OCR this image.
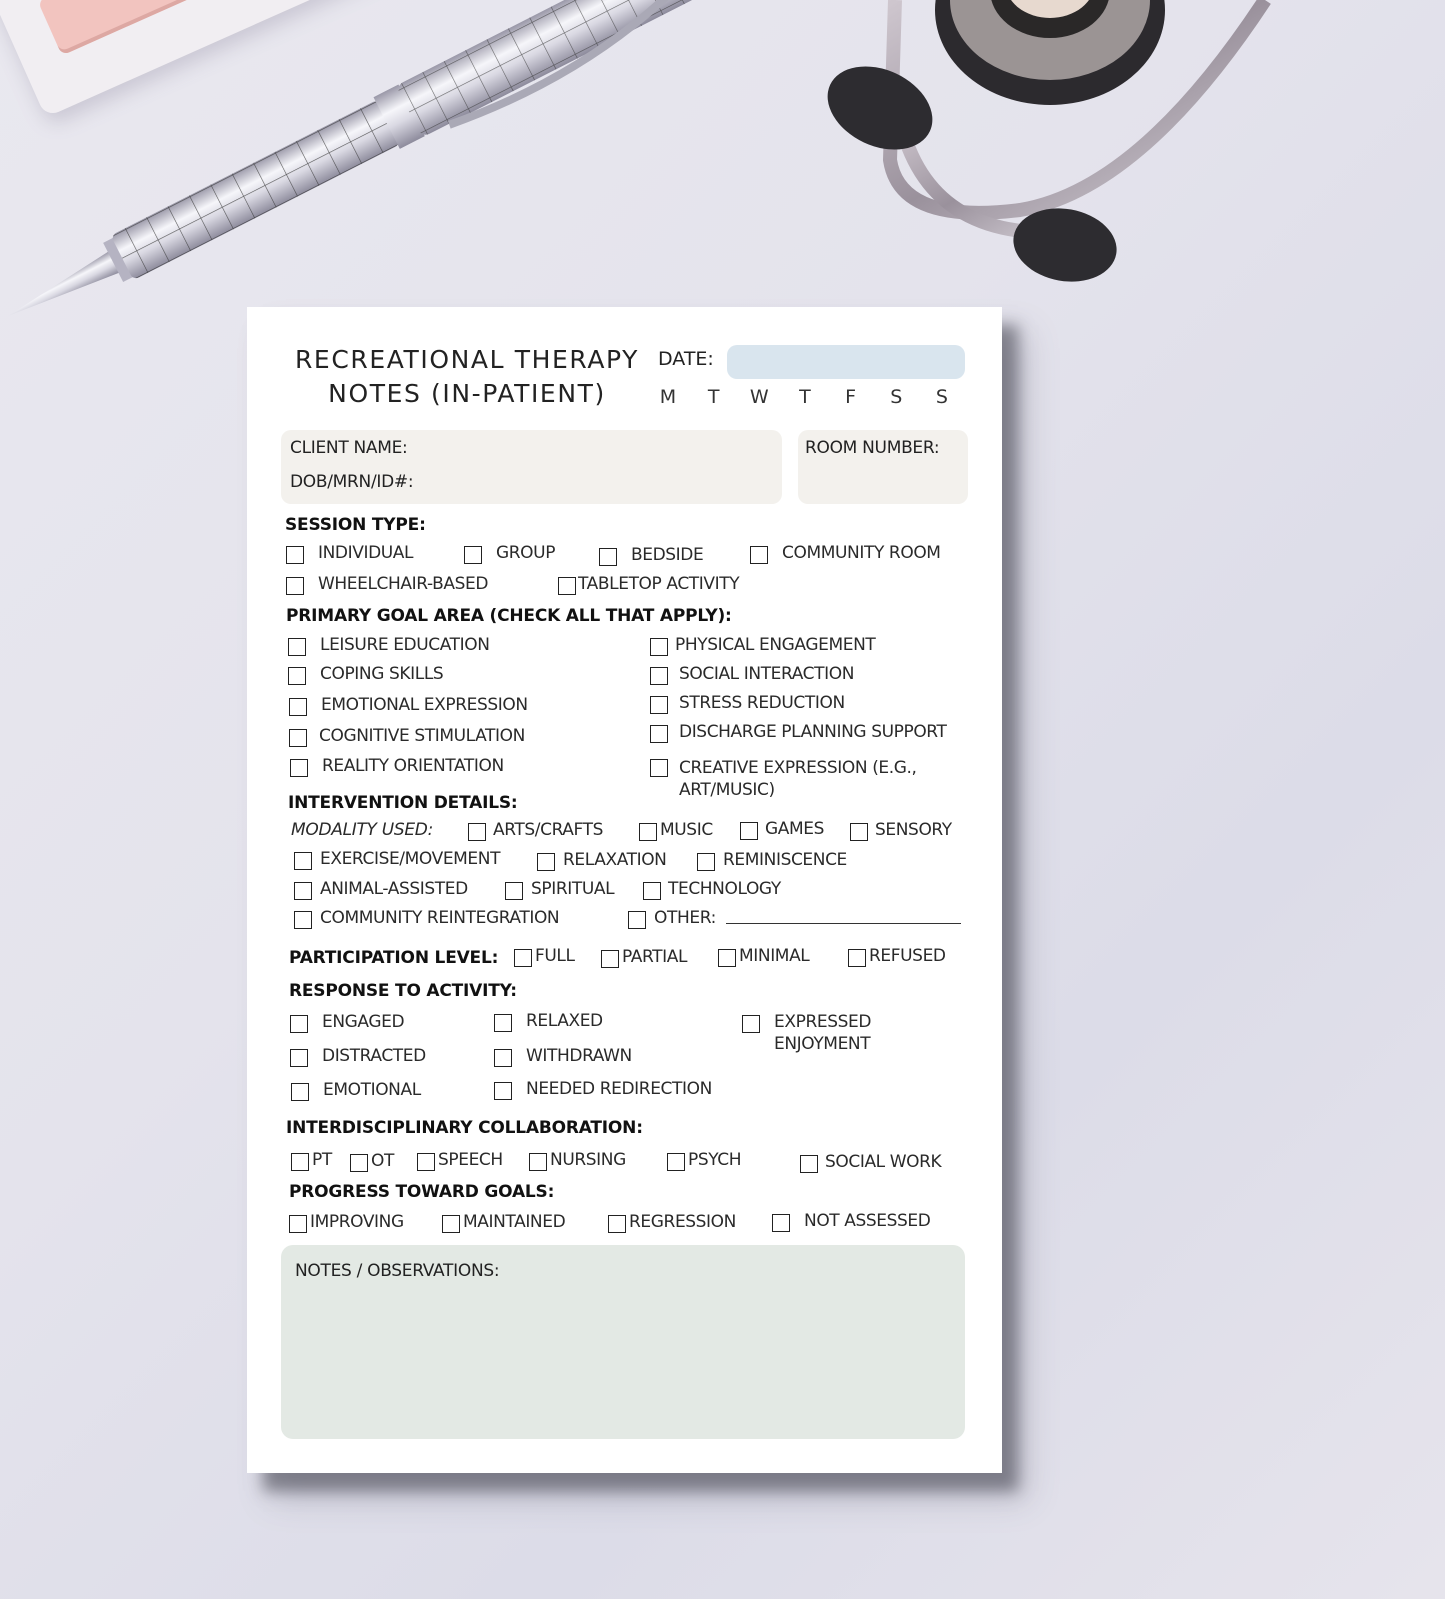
RECREATIONAL THERAPY
NOTES (IN-PATIENT)
DATE:
M	T	W	T	F	S	S
CLIENT NAME:
DOB/MRN/ID#:
ROOM NUMBER:
SESSION TYPE:
INDIVIDUAL	GROUP	BEDSIDE	COMMUNITY ROOM
WHEELCHAIR-BASED	TABLETOP ACTIVITY
PRIMARY GOAL AREA (CHECK ALL THAT APPLY):
LEISURE EDUCATION
COPING SKILLS
EMOTIONAL EXPRESSION
COGNITIVE STIMULATION
REALITY ORIENTATION
PHYSICAL ENGAGEMENT
SOCIAL INTERACTION
STRESS REDUCTION
DISCHARGE PLANNING SUPPORT
CREATIVE EXPRESSION (E.G.,
ART/MUSIC)
INTERVENTION DETAILS:
MODALITY USED:	ARTS/CRAFTS	MUSIC	GAMES	SENSORY
EXERCISE/MOVEMENT	RELAXATION	REMINISCENCE
ANIMAL-ASSISTED	SPIRITUAL	TECHNOLOGY
COMMUNITY REINTEGRATION	OTHER:
PARTICIPATION LEVEL: FULL	PARTIAL	MINIMAL	REFUSED
RESPONSE TO ACTIVITY:
ENGAGED	RELAXED	EXPRESSED
ENJOYMENT
DISTRACTED	WITHDRAWN
EMOTIONAL	NEEDED REDIRECTION
INTERDISCIPLINARY COLLABORATION:
PT OT	SPEECH	NURSING	PSYCH	SOCIAL WORK
PROGRESS TOWARD GOALS:
IMPROVING	MAINTAINED	REGRESSION	NOT ASSESSED
NOTES / OBSERVATIONS:
